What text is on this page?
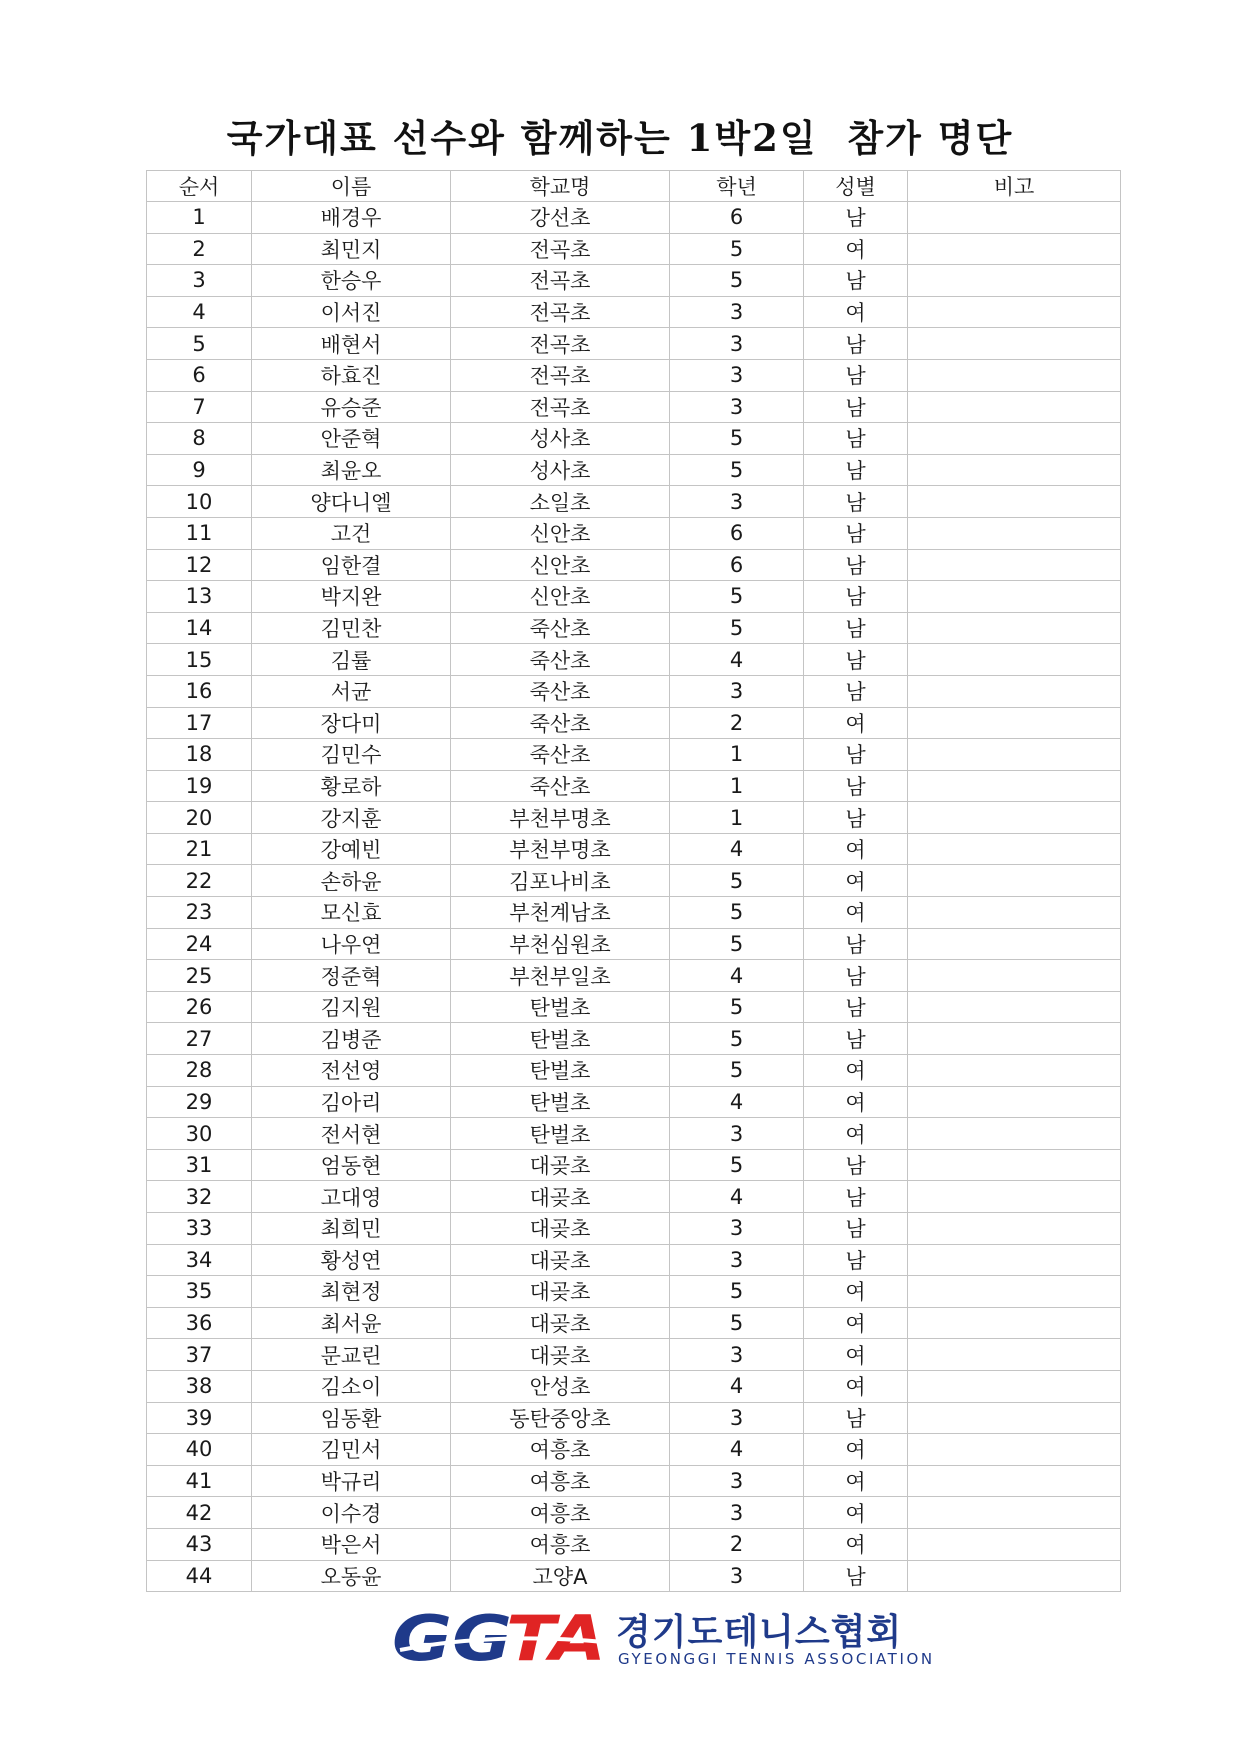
국가대표 선수와 함께하는 1박2일  참가 명단
순서	이름	학교명	학년	성별	비고
1	배경우	강선초	6	남	
2	최민지	전곡초	5	여	
3	한승우	전곡초	5	남	
4	이서진	전곡초	3	여	
5	배현서	전곡초	3	남	
6	하효진	전곡초	3	남	
7	유승준	전곡초	3	남	
8	안준혁	성사초	5	남	
9	최윤오	성사초	5	남	
10	양다니엘	소일초	3	남	
11	고건	신안초	6	남	
12	임한결	신안초	6	남	
13	박지완	신안초	5	남	
14	김민찬	죽산초	5	남	
15	김률	죽산초	4	남	
16	서균	죽산초	3	남	
17	장다미	죽산초	2	여	
18	김민수	죽산초	1	남	
19	황로하	죽산초	1	남	
20	강지훈	부천부명초	1	남	
21	강예빈	부천부명초	4	여	
22	손하윤	김포나비초	5	여	
23	모신효	부천계남초	5	여	
24	나우연	부천심원초	5	남	
25	정준혁	부천부일초	4	남	
26	김지원	탄벌초	5	남	
27	김병준	탄벌초	5	남	
28	전선영	탄벌초	5	여	
29	김아리	탄벌초	4	여	
30	전서현	탄벌초	3	여	
31	엄동현	대곶초	5	남	
32	고대영	대곶초	4	남	
33	최희민	대곶초	3	남	
34	황성연	대곶초	3	남	
35	최현정	대곶초	5	여	
36	최서윤	대곶초	5	여	
37	문교린	대곶초	3	여	
38	김소이	안성초	4	여	
39	임동환	동탄중앙초	3	남	
40	김민서	여흥초	4	여	
41	박규리	여흥초	3	여	
42	이수경	여흥초	3	여	
43	박은서	여흥초	2	여	
44	오동윤	고양A	3	남	
GG
TA 경기도테니스협회
GYEONGGI TENNIS ASSOCIATION
